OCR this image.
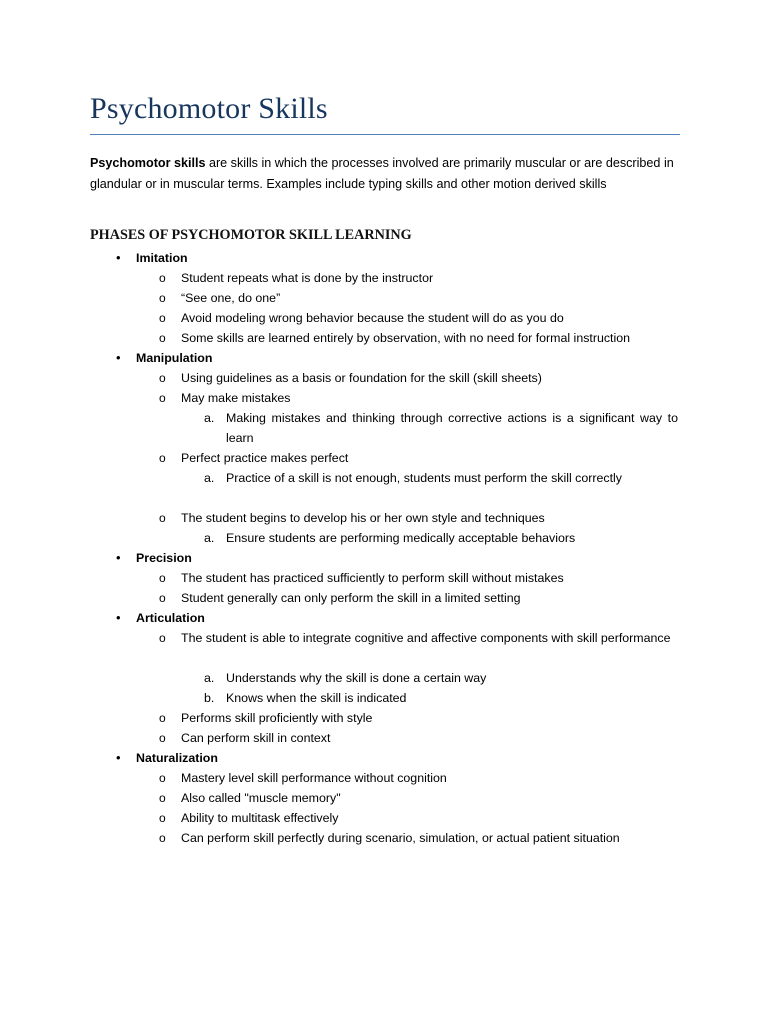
Psychomotor Skills

Psychomotor skills are skills in which the processes involved are primarily muscular or are described in glandular or in muscular terms. Examples include typing skills and other motion derived skills

PHASES OF PSYCHOMOTOR SKILL LEARNING
• Imitation
o Student repeats what is done by the instructor
o “See one, do one”
o Avoid modeling wrong behavior because the student will do as you do
o Some skills are learned entirely by observation, with no need for formal instruction
• Manipulation
o Using guidelines as a basis or foundation for the skill (skill sheets)
o May make mistakes
a. Making mistakes and thinking through corrective actions is a significant way to learn
o Perfect practice makes perfect
a. Practice of a skill is not enough, students must perform the skill correctly
o The student begins to develop his or her own style and techniques
a. Ensure students are performing medically acceptable behaviors
• Precision
o The student has practiced sufficiently to perform skill without mistakes
o Student generally can only perform the skill in a limited setting
• Articulation
o The student is able to integrate cognitive and affective components with skill performance
a. Understands why the skill is done a certain way
b. Knows when the skill is indicated
o Performs skill proficiently with style
o Can perform skill in context
• Naturalization
o Mastery level skill performance without cognition
o Also called "muscle memory"
o Ability to multitask effectively
o Can perform skill perfectly during scenario, simulation, or actual patient situation
